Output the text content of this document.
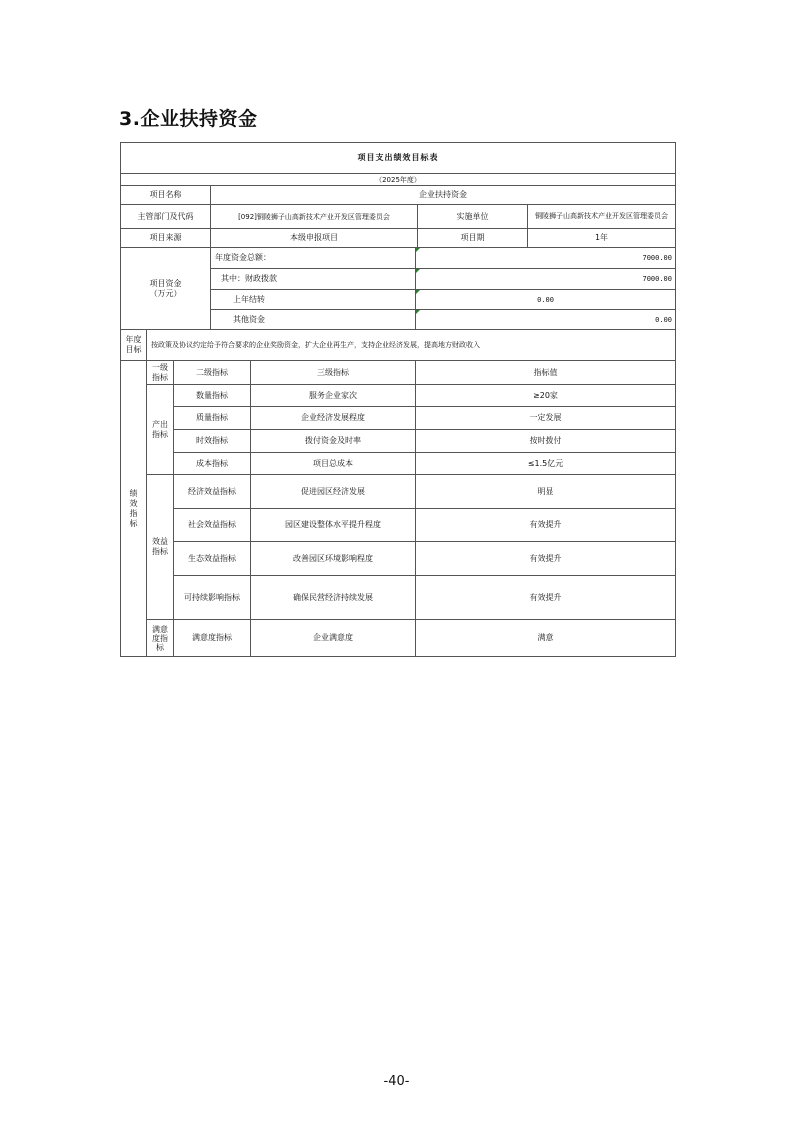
3.企业扶持资金
项目支出绩效目标表
（2025年度）
项目名称	企业扶持资金
主管部门及代码	[092]铜陵狮子山高新技术产业开发区管理委员会	实施单位	铜陵狮子山高新技术产业开发区管理委员会
项目来源	本级申报项目	项目期	1年
项目资金
（万元）
年度资金总额：	7000.00
其中：财政拨款	7000.00
上年结转	0.00
其他资金	0.00
年度
目标	按政策及协议约定给予符合要求的企业奖励资金，扩大企业再生产，支持企业经济发展，提高地方财政收入
绩
效
指
标
一级
指标
二级指标	三级指标	指标值
产出
指标
数量指标	服务企业家次	≥20家
质量指标	企业经济发展程度	一定发展
时效指标	拨付资金及时率	按时拨付
成本指标	项目总成本	≤1.5亿元
效益
指标
经济效益指标	促进园区经济发展	明显
社会效益指标	园区建设整体水平提升程度	有效提升
生态效益指标	改善园区环境影响程度	有效提升
可持续影响指标	确保民营经济持续发展	有效提升
满意
度指
标
满意度指标	企业满意度	满意
-40-
